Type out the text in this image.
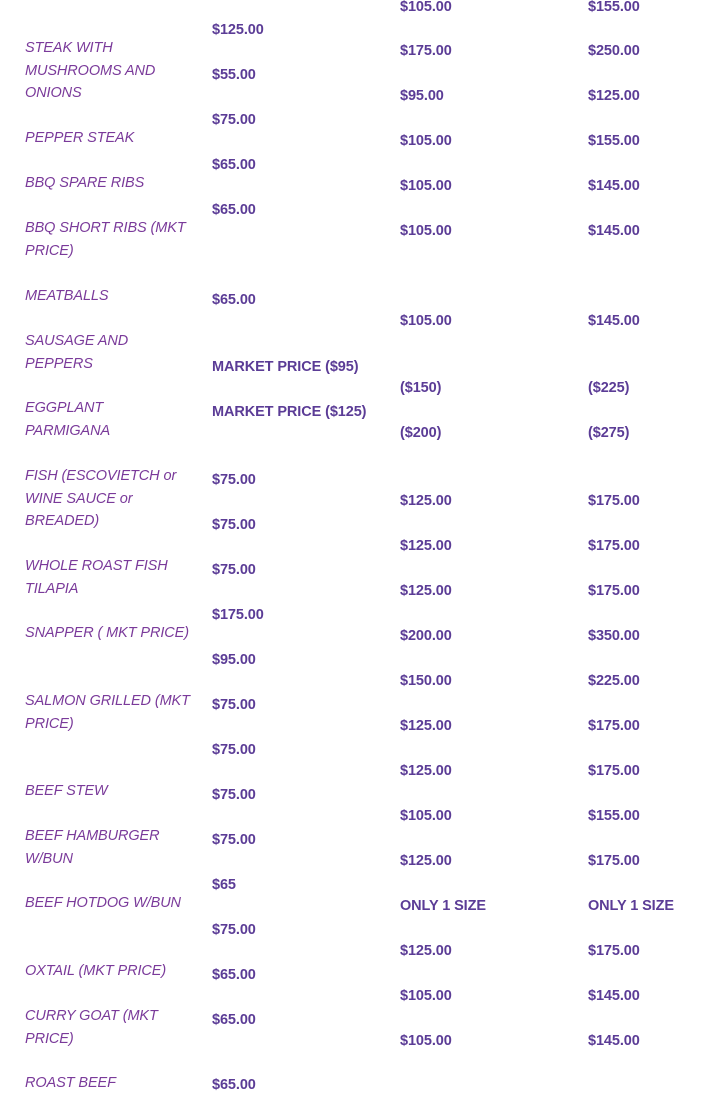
STEAK WITH MUSHROOMS AND ONIONS
PEPPER STEAK
BBQ SPARE RIBS
BBQ SHORT RIBS (MKT PRICE)
MEATBALLS
SAUSAGE AND PEPPERS
EGGPLANT PARMIGANA
FISH (ESCOVIETCH or WINE SAUCE or BREADED)
WHOLE ROAST FISH TILAPIA
SNAPPER ( MKT PRICE)
SALMON GRILLED (MKT PRICE)
BEEF STEW
BEEF HAMBURGER W/BUN
BEEF HOTDOG W/BUN
OXTAIL (MKT PRICE)
CURRY GOAT (MKT PRICE)
ROAST BEEF
$125.00
$55.00
$75.00
$65.00
$65.00
$65.00
MARKET PRICE ($95)
MARKET PRICE ($125)
$75.00
$75.00
$75.00
$175.00
$95.00
$75.00
$75.00
$75.00
$75.00
$65
$75.00
$65.00
$65.00
$65.00
$105.00
$175.00
$95.00
$105.00
$105.00
$105.00
$105.00
($150)
($200)
$125.00
$125.00
$125.00
$200.00
$150.00
$125.00
$125.00
$105.00
$125.00
ONLY 1 SIZE
$125.00
$105.00
$105.00
$155.00
$250.00
$125.00
$155.00
$145.00
$145.00
$145.00
($225)
($275)
$175.00
$175.00
$175.00
$350.00
$225.00
$175.00
$175.00
$155.00
$175.00
ONLY 1 SIZE
$175.00
$145.00
$145.00
